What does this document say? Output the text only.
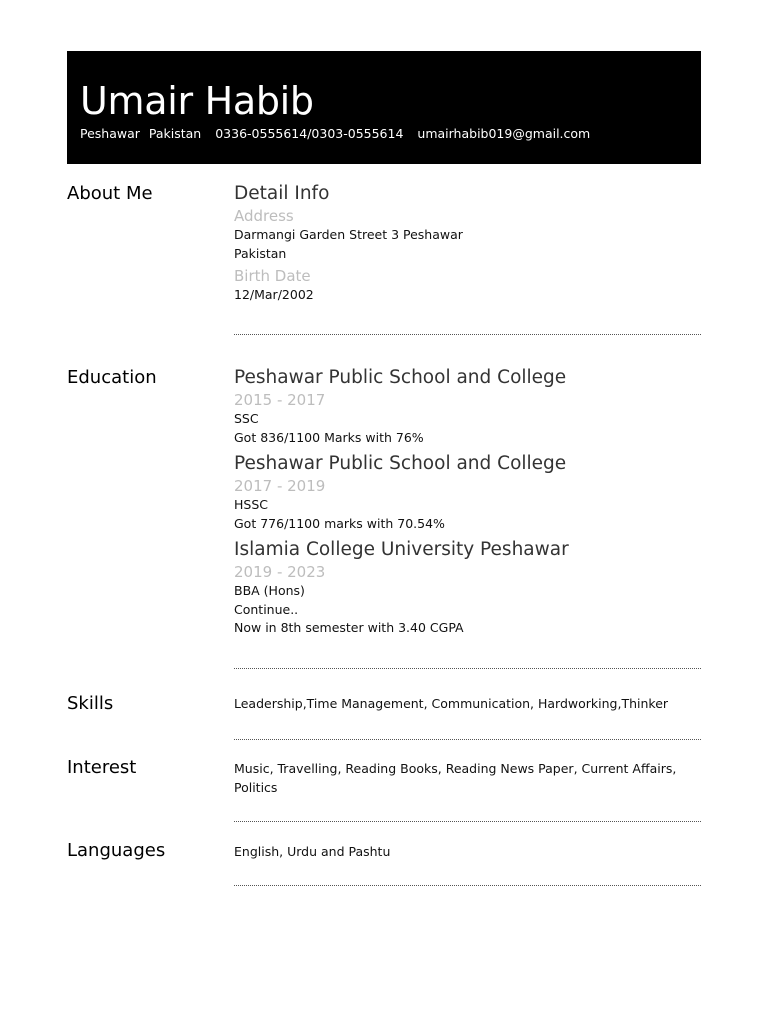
Umair Habib
Peshawar Pakistan 0336-0555614/0303-0555614 umairhabib019@gmail.com
About Me	Detail Info
Address
Darmangi Garden Street 3 Peshawar
Pakistan
Birth Date
12/Mar/2002
Education	Peshawar Public School and College
2015 - 2017
SSC
Got 836/1100 Marks with 76%
Peshawar Public School and College
2017 - 2019
HSSC
Got 776/1100 marks with 70.54%
Islamia College University Peshawar
2019 - 2023
BBA (Hons)
Continue..
Now in 8th semester with 3.40 CGPA
Skills	Leadership,Time Management, Communication, Hardworking,Thinker
Interest	Music, Travelling, Reading Books, Reading News Paper, Current Affairs,
Politics
Languages	English, Urdu and Pashtu
